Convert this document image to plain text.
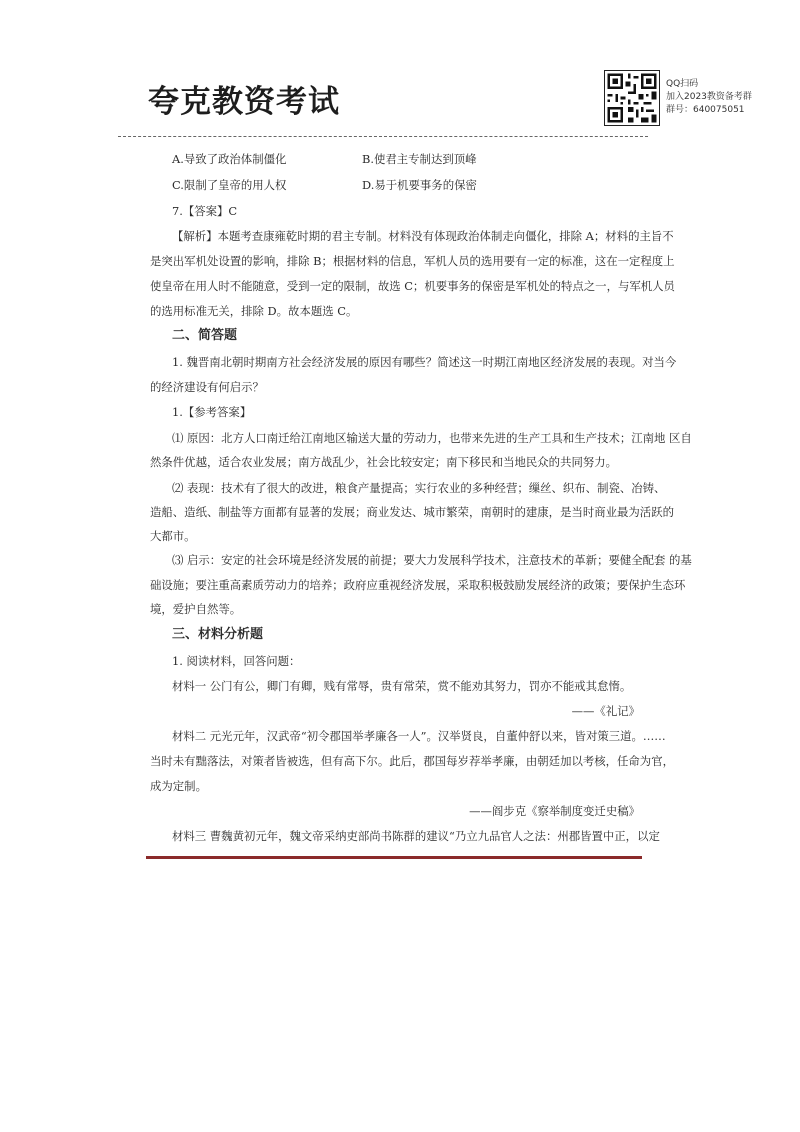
夸克教资考试	QQ扫码
加入2023教资备考群
群号：640075051
A.导致了政治体制僵化	B.使君主专制达到顶峰
C.限制了皇帝的用人权	D.易于机要事务的保密
7.【答案】C
【解析】本题考查康雍乾时期的君主专制。材料没有体现政治体制走向僵化，排除 A；材料的主旨不
是突出军机处设置的影响，排除 B；根据材料的信息，军机人员的选用要有一定的标准，这在一定程度上
使皇帝在用人时不能随意，受到一定的限制，故选 C；机要事务的保密是军机处的特点之一，与军机人员
的选用标准无关，排除 D。故本题选 C。
二、简答题
1. 魏晋南北朝时期南方社会经济发展的原因有哪些？简述这一时期江南地区经济发展的表现。对当今
的经济建设有何启示？
1.【参考答案】
⑴ 原因：北方人口南迁给江南地区输送大量的劳动力，也带来先进的生产工具和生产技术；江南地 区自
然条件优越，适合农业发展；南方战乱少，社会比较安定；南下移民和当地民众的共同努力。
⑵ 表现：技术有了很大的改进，粮食产量提高；实行农业的多种经营；缫丝、织布、制瓷、冶铸、
造船、造纸、制盐等方面都有显著的发展；商业发达、城市繁荣，南朝时的建康，是当时商业最为活跃的
大都市。
⑶ 启示：安定的社会环境是经济发展的前提；要大力发展科学技术，注意技术的革新；要健全配套 的基
础设施；要注重高素质劳动力的培养；政府应重视经济发展，采取积极鼓励发展经济的政策；要保护生态环
境，爱护自然等。
三、材料分析题
1. 阅读材料，回答问题：
材料一 公门有公，卿门有卿，贱有常辱，贵有常荣，赏不能劝其努力，罚亦不能戒其怠惰。
——《礼记》
材料二 元光元年，汉武帝“初令郡国举孝廉各一人”。汉举贤良，自董仲舒以来，皆对策三道。……
当时未有黜落法，对策者皆被选，但有高下尔。此后，郡国每岁荐举孝廉，由朝廷加以考核，任命为官，
成为定制。
——阎步克《察举制度变迁史稿》
材料三 曹魏黄初元年，魏文帝采纳吏部尚书陈群的建议“乃立九品官人之法：州郡皆置中正，以定
